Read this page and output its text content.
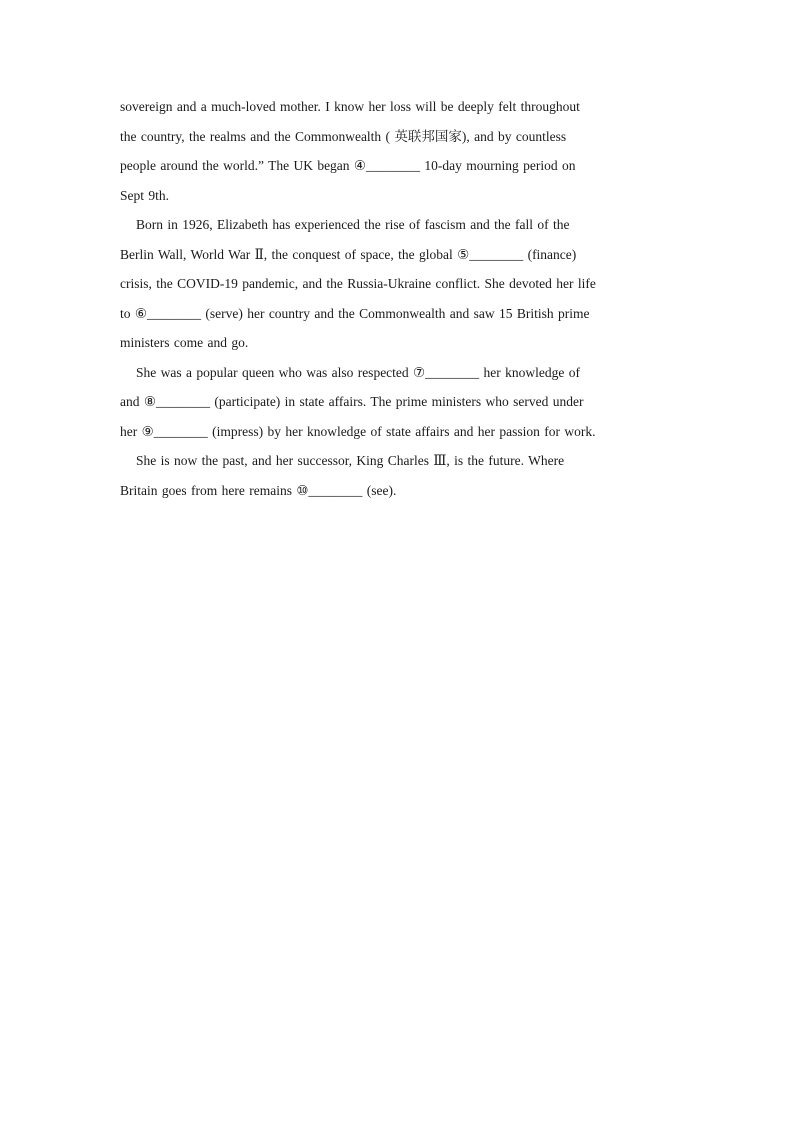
sovereign and a much-loved mother. I know her loss will be deeply felt throughout
the country, the realms and the Commonwealth ( 英联邦国家), and by countless
people around the world.” The UK began ④________ 10-day mourning period on
Sept 9th.
Born in 1926, Elizabeth has experienced the rise of fascism and the fall of the
Berlin Wall, World War Ⅱ, the conquest of space, the global ⑤________ (finance)
crisis, the COVID-19 pandemic, and the Russia-Ukraine conflict. She devoted her life
to ⑥________ (serve) her country and the Commonwealth and saw 15 British prime
ministers come and go.
She was a popular queen who was also respected ⑦________ her knowledge of
and ⑧________ (participate) in state affairs. The prime ministers who served under
her ⑨________ (impress) by her knowledge of state affairs and her passion for work.
She is now the past, and her successor, King Charles Ⅲ, is the future. Where
Britain goes from here remains ⑩________ (see).
